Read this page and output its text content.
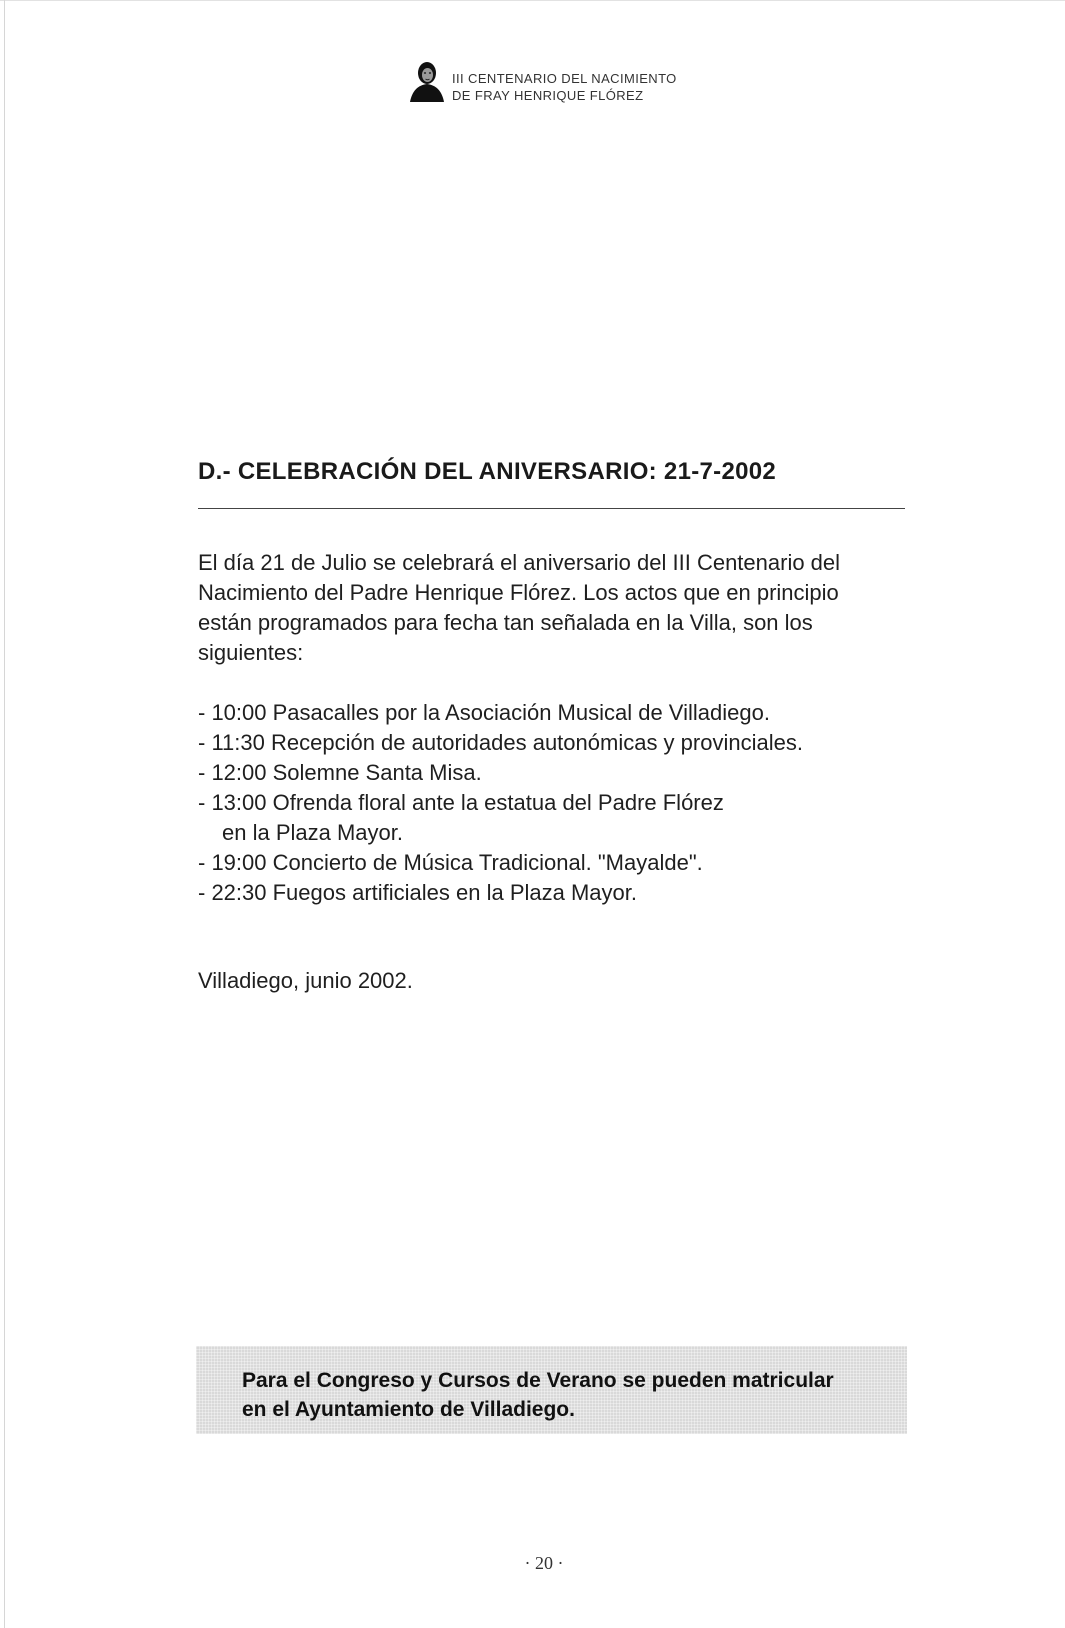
III CENTENARIO DEL NACIMIENTO
DE FRAY HENRIQUE FLÓREZ
D.- CELEBRACIÓN DEL ANIVERSARIO: 21-7-2002
El día 21 de Julio se celebrará el aniversario del III Centenario del
Nacimiento del Padre Henrique Flórez. Los actos que en principio
están programados para fecha tan señalada en la Villa, son los
siguientes:
- 10:00 Pasacalles por la Asociación Musical de Villadiego.
- 11:30 Recepción de autoridades autonómicas y provinciales.
- 12:00 Solemne Santa Misa.
- 13:00 Ofrenda floral ante la estatua del Padre Flórez
en la Plaza Mayor.
- 19:00 Concierto de Música Tradicional. "Mayalde".
- 22:30 Fuegos artificiales en la Plaza Mayor.
Villadiego, junio 2002.
Para el Congreso y Cursos de Verano se pueden matricular
en el Ayuntamiento de Villadiego.
· 20 ·
